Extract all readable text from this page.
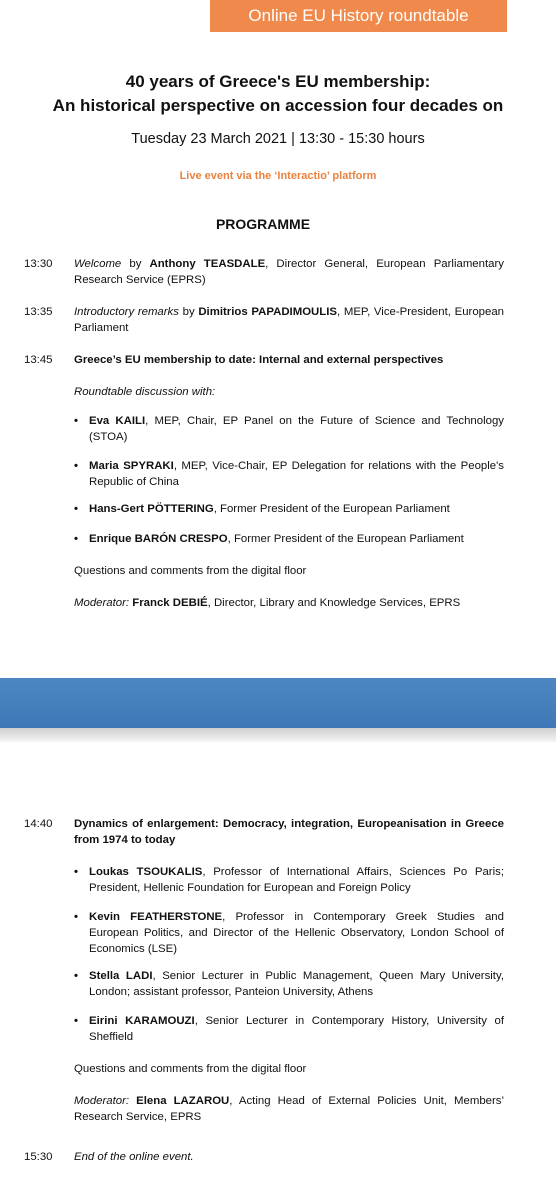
Online EU History roundtable
40 years of Greece's EU membership:
An historical perspective on accession four decades on
Tuesday 23 March 2021 | 13:30 - 15:30 hours
Live event via the ‘Interactio’ platform
PROGRAMME
13:30 Welcome by Anthony TEASDALE, Director General, European Parliamentary Research Service (EPRS)
13:35 Introductory remarks by Dimitrios PAPADIMOULIS, MEP, Vice-President, European Parliament
13:45 Greece’s EU membership to date: Internal and external perspectives
Roundtable discussion with:
• Eva KAILI, MEP, Chair, EP Panel on the Future of Science and Technology (STOA)
• Maria SPYRAKI, MEP, Vice-Chair, EP Delegation for relations with the People's Republic of China
• Hans-Gert PÖTTERING, Former President of the European Parliament
• Enrique BARÓN CRESPO, Former President of the European Parliament
Questions and comments from the digital floor
Moderator: Franck DEBIÉ, Director, Library and Knowledge Services, EPRS
14:40 Dynamics of enlargement: Democracy, integration, Europeanisation in Greece from 1974 to today
• Loukas TSOUKALIS, Professor of International Affairs, Sciences Po Paris; President, Hellenic Foundation for European and Foreign Policy
• Kevin FEATHERSTONE, Professor in Contemporary Greek Studies and European Politics, and Director of the Hellenic Observatory, London School of Economics (LSE)
• Stella LADI, Senior Lecturer in Public Management, Queen Mary University, London; assistant professor, Panteion University, Athens
• Eirini KARAMOUZI, Senior Lecturer in Contemporary History, University of Sheffield
Questions and comments from the digital floor
Moderator: Elena LAZAROU, Acting Head of External Policies Unit, Members’ Research Service, EPRS
15:30 End of the online event.
